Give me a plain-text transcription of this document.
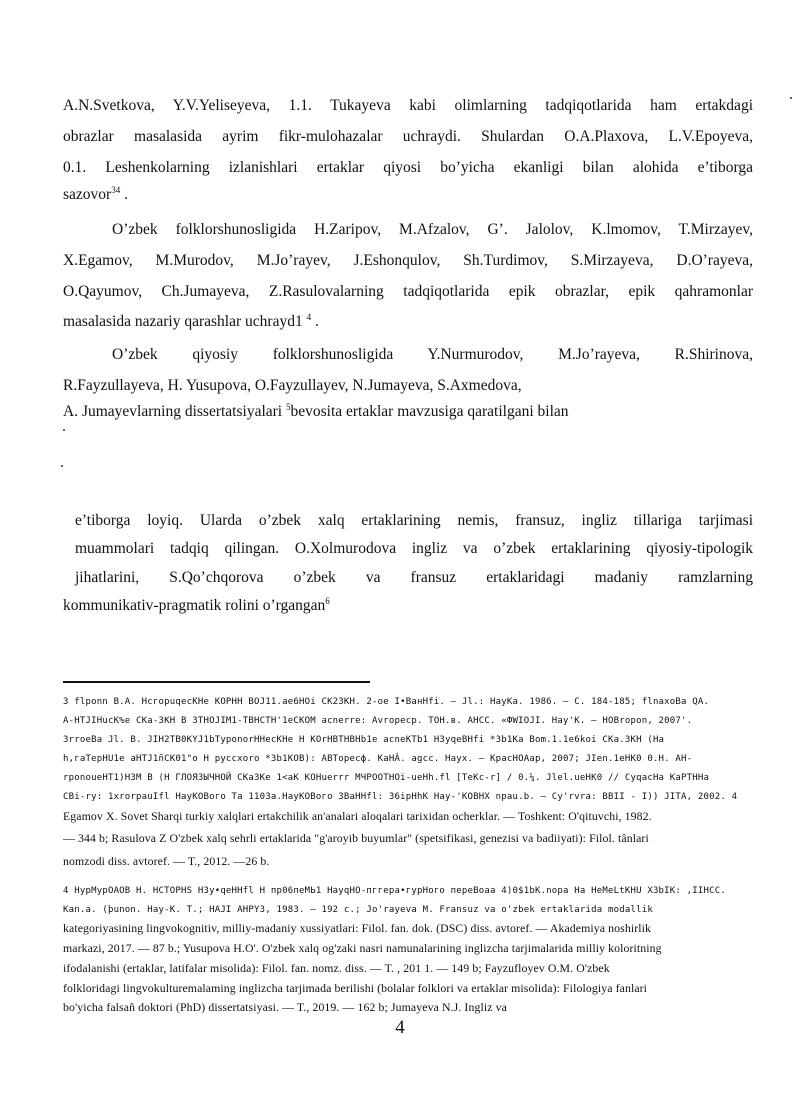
A.N.Svetkova, Y.V.Yeliseyeva, 1.1. Tukayeva kabi olimlarning tadqiqotlarida ham ertakdagi
obrazlar masalasida ayrim fikr-mulohazalar uchraydi. Shulardan O.A.Plaxova, L.V.Epoyeva,
0.1. Leshenkolarning izlanishlari ertaklar qiyosi bo’yicha ekanligi bilan alohida e’tiborga
sazovor$^{34}$ .
O’zbek folklorshunosligida H.Zaripov, M.Afzalov, G’. Jalolov, K.lmomov, T.Mirzayev,
X.Egamov, M.Murodov, M.Jo’rayev, J.Eshonqulov, Sh.Turdimov, S.Mirzayeva, D.O’rayeva,
O.Qayumov, Ch.Jumayeva, Z.Rasulovalarning tadqiqotlarida epik obrazlar, epik qahramonlar
masalasida nazariy qarashlar uchrayd1 $^4$ .
O’zbek qiyosiy folklorshunosligida Y.Nurmurodov, M.Jo’rayeva, R.Shirinova,
R.Fayzullayeva, H. Yusupova, O.Fayzullayev, N.Jumayeva, S.Axmedova,
A. Jumayevlarning dissertatsiyalari $^5$bevosita ertaklar mavzusiga qaratilgani bilan
e’tiborga loyiq. Ularda o’zbek xalq ertaklarining nemis, fransuz, ingliz tillariga tarjimasi
muammolari tadqiq qilingan. O.Xolmurodova ingliz va o’zbek ertaklarining qiyosiy-tipologik
jihatlarini, S.Qo’chqorova o’zbek va fransuz ertaklaridagi madaniy ramzlarning
kommunikativ-pragmatik rolini o’rgangan$^6$
3 flponn B.A. НсгорuqecKHe КОРНН BOJ11.ae6HOi CK23KH. 2-oe I•BaнHfi. — Jl.: НауКа. 1986. — С. 184-185; flnaxoBa QA.
A-HTJIHucK%e CKa-3KH B 3THOJIM1-TBHCTH'1eCKOM acnerre: Avropecp. ТОН.в. АНСС. «ФWIOJI. Hay'K. — HOBropon, 2007'.
3rroeBa Jl. B. JIH2TB0KYJ1bTyponorHHecKHe Н KOrHBTHBHb1e acneKTb1 H3yqeBHfi *3b1Ka Bom.1.1e6koi CKa.3KH (На
h,гаТерНU1е aHTJ1ñCK01"о Н русcxoro *3b1KOB): ABToрecф. KaHÂ. agcc. Hayx. — КрасНOAap, 2007; JIen.1eHK0 0.H. AH-
rponoueHT1)H3M В (Н ГЛОЯЗЫЧНОЙ СКа3Ке 1<aK KOHuerrr МЧРООТНОi-ueHh.fl [TeKc-r] / 0.¼. Jlel.ueHK0 // СуqасНа КаРТННа
CBi-ry: 1хrorpauIfl НауКОВого Та 1103а.НауКОВого 3BaHHfl: 36ipHhK Hay-'KOBHX npau.b. — Cy'rvra: BBII - I)) JITA, 2002. 4
Egamov X. Sovet Sharqi turkiy xalqlari ertakchilik an'analari aloqalari tarixidan ocherklar. — Toshkent: O'qituvchi, 1982.
— 344 b; Rasulova Z O'zbek xalq sehrli ertaklarida "g'aroyib buyumlar" (spetsifikasi, genezisi va badiiyati): Filol. tânlari
nomzodi diss. avtoref. — T., 2012. —26 b.
4 НурМурOAOB Н. НСТОРНS Н3у•qeHHfl Н пр06пеМЬ1 НауqНО-пггера•гурНого переВоаа 4)0$1bK.nopa На HeMeLtKHU X3bIK: ,IIHCC.
Kan.a. (þunon. Hay-K. T.; HAJI AHPY3, 1983. — 192 c.; Jo'rayeva M. Fransuz va o'zbek ertaklarida modallik
kategoriyasining lingvokognitiv, milliy-madaniy xussiyatlari: Filol. fan. dok. (DSC) diss. avtoref. — Akademiya noshirlik
markazi, 2017. — 87 b.; Yusupova H.O'. O'zbek xalq og'zaki nasri namunalarining inglizcha tarjimalarida milliy koloritning
ifodalanishi (ertaklar, latifalar misolida): Filol. fan. nomz. diss. — T. , 201 1. — 149 b; Fayzufloyev O.M. O'zbek
folkloridagi lingvokulturemalaming inglizcha tarjimada berilishi (bolalar folklori va ertaklar misolida): Filologiya fanlari
bo'yicha falsañ doktori (PhD) dissertatsiyasi. — T., 2019. — 162 b; Jumayeva N.J. Ingliz va
4
